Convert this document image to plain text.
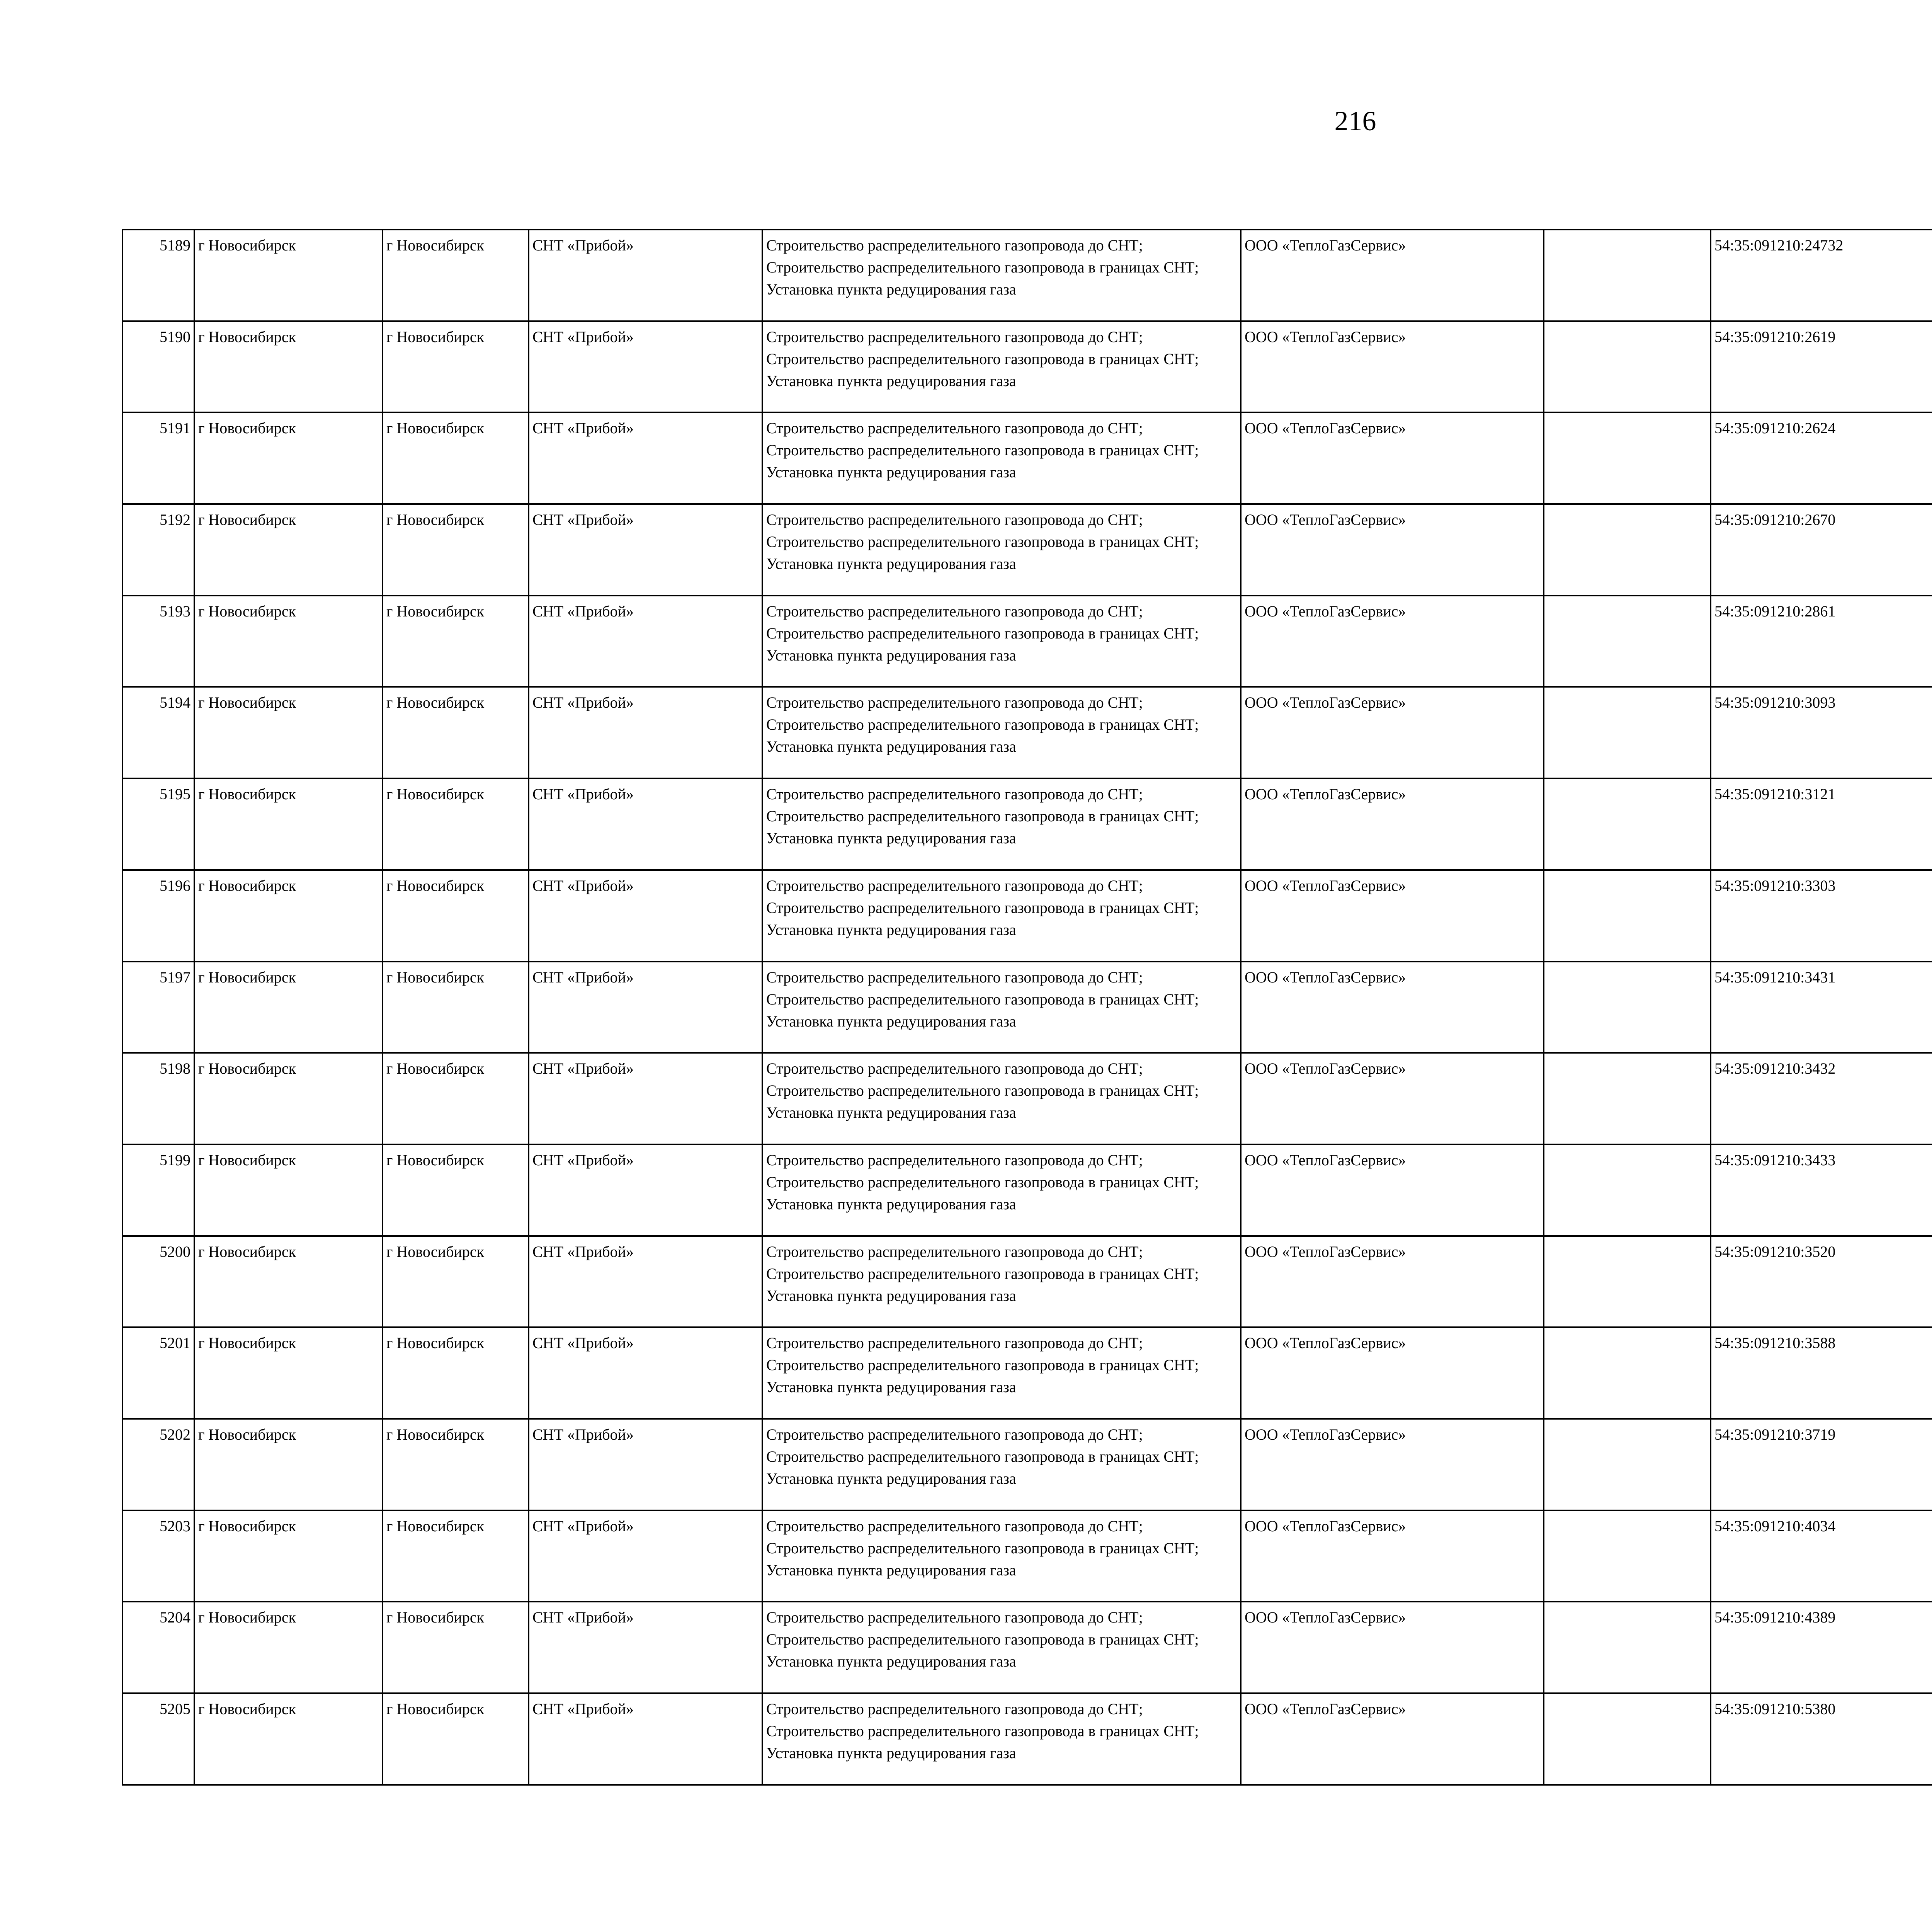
216
5189	г Новосибирск	г Новосибирск	СНТ «Прибой»	Строительство распределительного газопровода до СНТ; Строительство распределительного газопровода в границах СНТ; Установка пункта редуцирования газа	ООО «ТеплоГазСервис»		54:35:091210:24732					
5190	г Новосибирск	г Новосибирск	СНТ «Прибой»	Строительство распределительного газопровода до СНТ; Строительство распределительного газопровода в границах СНТ; Установка пункта редуцирования газа	ООО «ТеплоГазСервис»		54:35:091210:2619					
5191	г Новосибирск	г Новосибирск	СНТ «Прибой»	Строительство распределительного газопровода до СНТ; Строительство распределительного газопровода в границах СНТ; Установка пункта редуцирования газа	ООО «ТеплоГазСервис»		54:35:091210:2624					
5192	г Новосибирск	г Новосибирск	СНТ «Прибой»	Строительство распределительного газопровода до СНТ; Строительство распределительного газопровода в границах СНТ; Установка пункта редуцирования газа	ООО «ТеплоГазСервис»		54:35:091210:2670					
5193	г Новосибирск	г Новосибирск	СНТ «Прибой»	Строительство распределительного газопровода до СНТ; Строительство распределительного газопровода в границах СНТ; Установка пункта редуцирования газа	ООО «ТеплоГазСервис»		54:35:091210:2861					
5194	г Новосибирск	г Новосибирск	СНТ «Прибой»	Строительство распределительного газопровода до СНТ; Строительство распределительного газопровода в границах СНТ; Установка пункта редуцирования газа	ООО «ТеплоГазСервис»		54:35:091210:3093					
5195	г Новосибирск	г Новосибирск	СНТ «Прибой»	Строительство распределительного газопровода до СНТ; Строительство распределительного газопровода в границах СНТ; Установка пункта редуцирования газа	ООО «ТеплоГазСервис»		54:35:091210:3121					
5196	г Новосибирск	г Новосибирск	СНТ «Прибой»	Строительство распределительного газопровода до СНТ; Строительство распределительного газопровода в границах СНТ; Установка пункта редуцирования газа	ООО «ТеплоГазСервис»		54:35:091210:3303					
5197	г Новосибирск	г Новосибирск	СНТ «Прибой»	Строительство распределительного газопровода до СНТ; Строительство распределительного газопровода в границах СНТ; Установка пункта редуцирования газа	ООО «ТеплоГазСервис»		54:35:091210:3431					
5198	г Новосибирск	г Новосибирск	СНТ «Прибой»	Строительство распределительного газопровода до СНТ; Строительство распределительного газопровода в границах СНТ; Установка пункта редуцирования газа	ООО «ТеплоГазСервис»		54:35:091210:3432					
5199	г Новосибирск	г Новосибирск	СНТ «Прибой»	Строительство распределительного газопровода до СНТ; Строительство распределительного газопровода в границах СНТ; Установка пункта редуцирования газа	ООО «ТеплоГазСервис»		54:35:091210:3433					
5200	г Новосибирск	г Новосибирск	СНТ «Прибой»	Строительство распределительного газопровода до СНТ; Строительство распределительного газопровода в границах СНТ; Установка пункта редуцирования газа	ООО «ТеплоГазСервис»		54:35:091210:3520					
5201	г Новосибирск	г Новосибирск	СНТ «Прибой»	Строительство распределительного газопровода до СНТ; Строительство распределительного газопровода в границах СНТ; Установка пункта редуцирования газа	ООО «ТеплоГазСервис»		54:35:091210:3588					
5202	г Новосибирск	г Новосибирск	СНТ «Прибой»	Строительство распределительного газопровода до СНТ; Строительство распределительного газопровода в границах СНТ; Установка пункта редуцирования газа	ООО «ТеплоГазСервис»		54:35:091210:3719					
5203	г Новосибирск	г Новосибирск	СНТ «Прибой»	Строительство распределительного газопровода до СНТ; Строительство распределительного газопровода в границах СНТ; Установка пункта редуцирования газа	ООО «ТеплоГазСервис»		54:35:091210:4034					
5204	г Новосибирск	г Новосибирск	СНТ «Прибой»	Строительство распределительного газопровода до СНТ; Строительство распределительного газопровода в границах СНТ; Установка пункта редуцирования газа	ООО «ТеплоГазСервис»		54:35:091210:4389					
5205	г Новосибирск	г Новосибирск	СНТ «Прибой»	Строительство распределительного газопровода до СНТ; Строительство распределительного газопровода в границах СНТ; Установка пункта редуцирования газа	ООО «ТеплоГазСервис»		54:35:091210:5380					
